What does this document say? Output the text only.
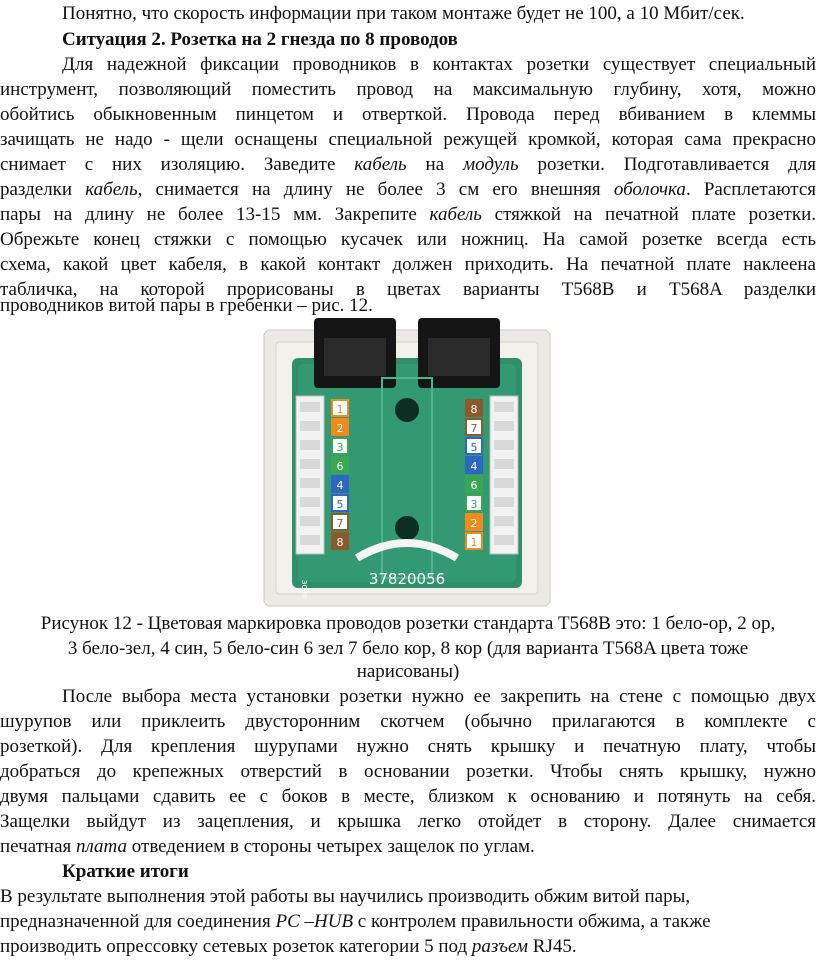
Понятно, что скорость информации при таком монтаже будет не 100, а 10 Мбит/сек.

Ситуация 2. Розетка на 2 гнезда по 8 проводов

Для надежной фиксации проводников в контактах розетки существует специальный

инструмент, позволяющий поместить провод на максимальную глубину, хотя, можно

обойтись обыкновенным пинцетом и отверткой. Провода перед вбиванием в клеммы

зачищать не надо - щели оснащены специальной режущей кромкой, которая сама прекрасно

снимает с них изоляцию. Заведите кабель на модуль розетки. Подготавливается для

разделки кабель, снимается на длину не более 3 см его внешняя оболочка. Расплетаются

пары на длину не более 13-15 мм. Закрепите кабель стяжкой на печатной плате розетки.

Обрежьте конец стяжки с помощью кусачек или ножниц. На самой розетке всегда есть

схема, какой цвет кабеля, в какой контакт должен приходить. На печатной плате наклеена

табличка, на которой прорисованы в цветах варианты T568B и T568A разделки

проводников витой пары в гребенки – рис. 12.

1
2
3
6
4
5
7
8
8
7
5
4
6
3
2
1
37820056
ЗC00

Рисунок 12 - Цветовая маркировка проводов розетки стандарта T568B это: 1 бело-ор, 2 ор,

3 бело-зел, 4 син, 5 бело-син 6 зел 7 бело кор, 8 кор (для варианта T568A цвета тоже

нарисованы)

После выбора места установки розетки нужно ее закрепить на стене с помощью двух

шурупов или приклеить двусторонним скотчем (обычно прилагаются в комплекте с

розеткой). Для крепления шурупами нужно снять крышку и печатную плату, чтобы

добраться до крепежных отверстий в основании розетки. Чтобы снять крышку, нужно

двумя пальцами сдавить ее с боков в месте, близком к основанию и потянуть на себя.

Защелки выйдут из зацепления, и крышка легко отойдет в сторону. Далее снимается

печатная плата отведением в стороны четырех защелок по углам.

Краткие итоги

В результате выполнения этой работы вы научились производить обжим витой пары,

предназначенной для соединения PC –HUB с контролем правильности обжима, а также

производить опрессовку сетевых розеток категории 5 под разъем RJ45.
